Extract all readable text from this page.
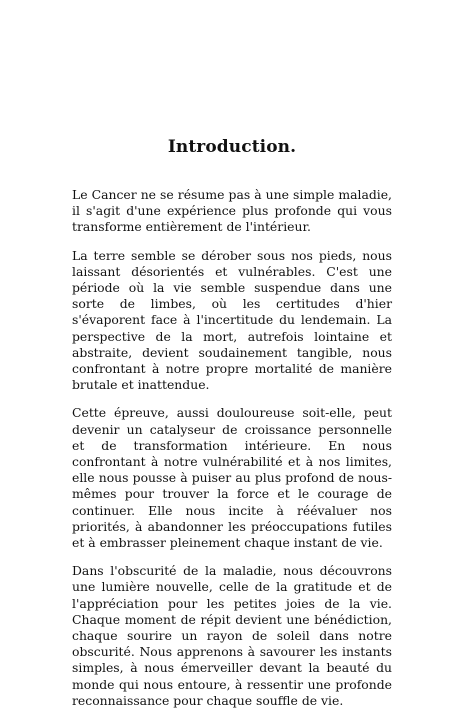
Introduction.

Le Cancer ne se résume pas à une simple maladie, il s'agit d'une expérience plus profonde qui vous transforme entièrement de l'intérieur.

La terre semble se dérober sous nos pieds, nous laissant désorientés et vulnérables. C'est une période où la vie semble suspendue dans une sorte de limbes, où les certitudes d'hier s'évaporent face à l'incertitude du lendemain. La perspective de la mort, autrefois lointaine et abstraite, devient soudainement tangible, nous confrontant à notre propre mortalité de manière brutale et inattendue.

Cette épreuve, aussi douloureuse soit-elle, peut devenir un catalyseur de croissance personnelle et de transformation intérieure. En nous confrontant à notre vulnérabilité et à nos limites, elle nous pousse à puiser au plus profond de nous-mêmes pour trouver la force et le courage de continuer. Elle nous incite à réévaluer nos priorités, à abandonner les préoccupations futiles et à embrasser pleinement chaque instant de vie.

Dans l'obscurité de la maladie, nous découvrons une lumière nouvelle, celle de la gratitude et de l'appréciation pour les petites joies de la vie. Chaque moment de répit devient une bénédiction, chaque sourire un rayon de soleil dans notre obscurité. Nous apprenons à savourer les instants simples, à nous émerveiller devant la beauté du monde qui nous entoure, à ressentir une profonde reconnaissance pour chaque souffle de vie.
